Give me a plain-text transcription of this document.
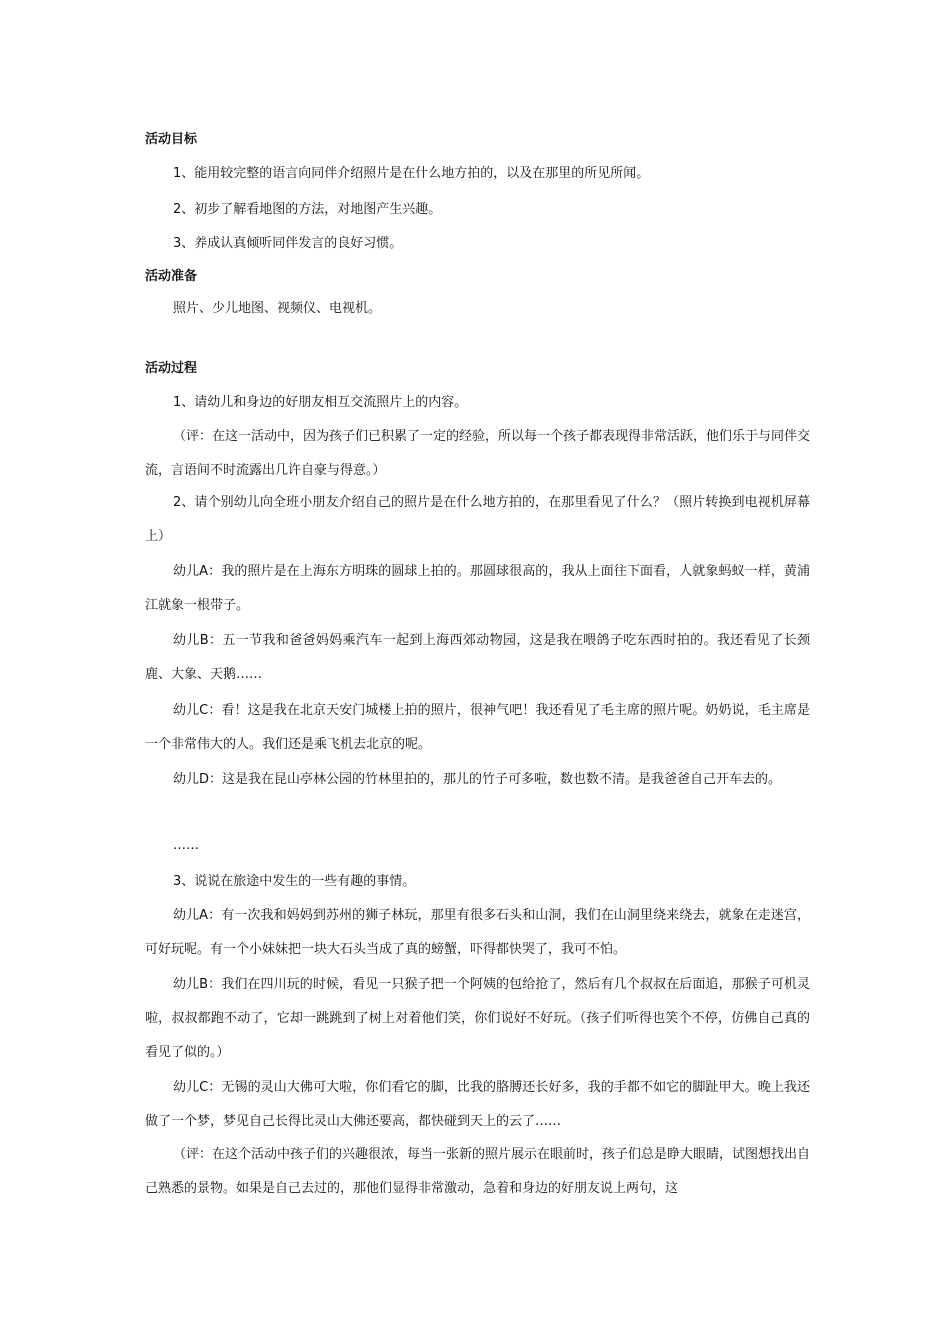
活动目标
1、能用较完整的语言向同伴介绍照片是在什么地方拍的，以及在那里的所见所闻。
2、初步了解看地图的方法，对地图产生兴趣。
3、养成认真倾听同伴发言的良好习惯。
活动准备
照片、少儿地图、视频仪、电视机。
活动过程
1、请幼儿和身边的好朋友相互交流照片上的内容。
（评：在这一活动中，因为孩子们已积累了一定的经验，所以每一个孩子都表现得非常活跃，他们乐于与同伴交流，言语间不时流露出几许自豪与得意。）
2、请个别幼儿向全班小朋友介绍自己的照片是在什么地方拍的，在那里看见了什么？（照片转换到电视机屏幕上）
幼儿A：我的照片是在上海东方明珠的圆球上拍的。那圆球很高的，我从上面往下面看，人就象蚂蚁一样，黄浦江就象一根带子。
幼儿B：五一节我和爸爸妈妈乘汽车一起到上海西郊动物园，这是我在喂鸽子吃东西时拍的。我还看见了长颈鹿、大象、天鹅……
幼儿C：看！这是我在北京天安门城楼上拍的照片，很神气吧！我还看见了毛主席的照片呢。奶奶说，毛主席是一个非常伟大的人。我们还是乘飞机去北京的呢。
幼儿D：这是我在昆山亭林公园的竹林里拍的，那儿的竹子可多啦，数也数不清。是我爸爸自己开车去的。
……
3、说说在旅途中发生的一些有趣的事情。
幼儿A：有一次我和妈妈到苏州的狮子林玩，那里有很多石头和山洞，我们在山洞里绕来绕去，就象在走迷宫，可好玩呢。有一个小妹妹把一块大石头当成了真的螃蟹，吓得都快哭了，我可不怕。
幼儿B：我们在四川玩的时候，看见一只猴子把一个阿姨的包给抢了，然后有几个叔叔在后面追，那猴子可机灵啦，叔叔都跑不动了，它却一跳跳到了树上对着他们笑，你们说好不好玩。（孩子们听得也笑个不停，仿佛自己真的看见了似的。）
幼儿C：无锡的灵山大佛可大啦，你们看它的脚，比我的胳膊还长好多，我的手都不如它的脚趾甲大。晚上我还做了一个梦，梦见自己长得比灵山大佛还要高，都快碰到天上的云了……
（评：在这个活动中孩子们的兴趣很浓，每当一张新的照片展示在眼前时，孩子们总是睁大眼睛，试图想找出自己熟悉的景物。如果是自己去过的，那他们显得非常激动，急着和身边的好朋友说上两句，这
